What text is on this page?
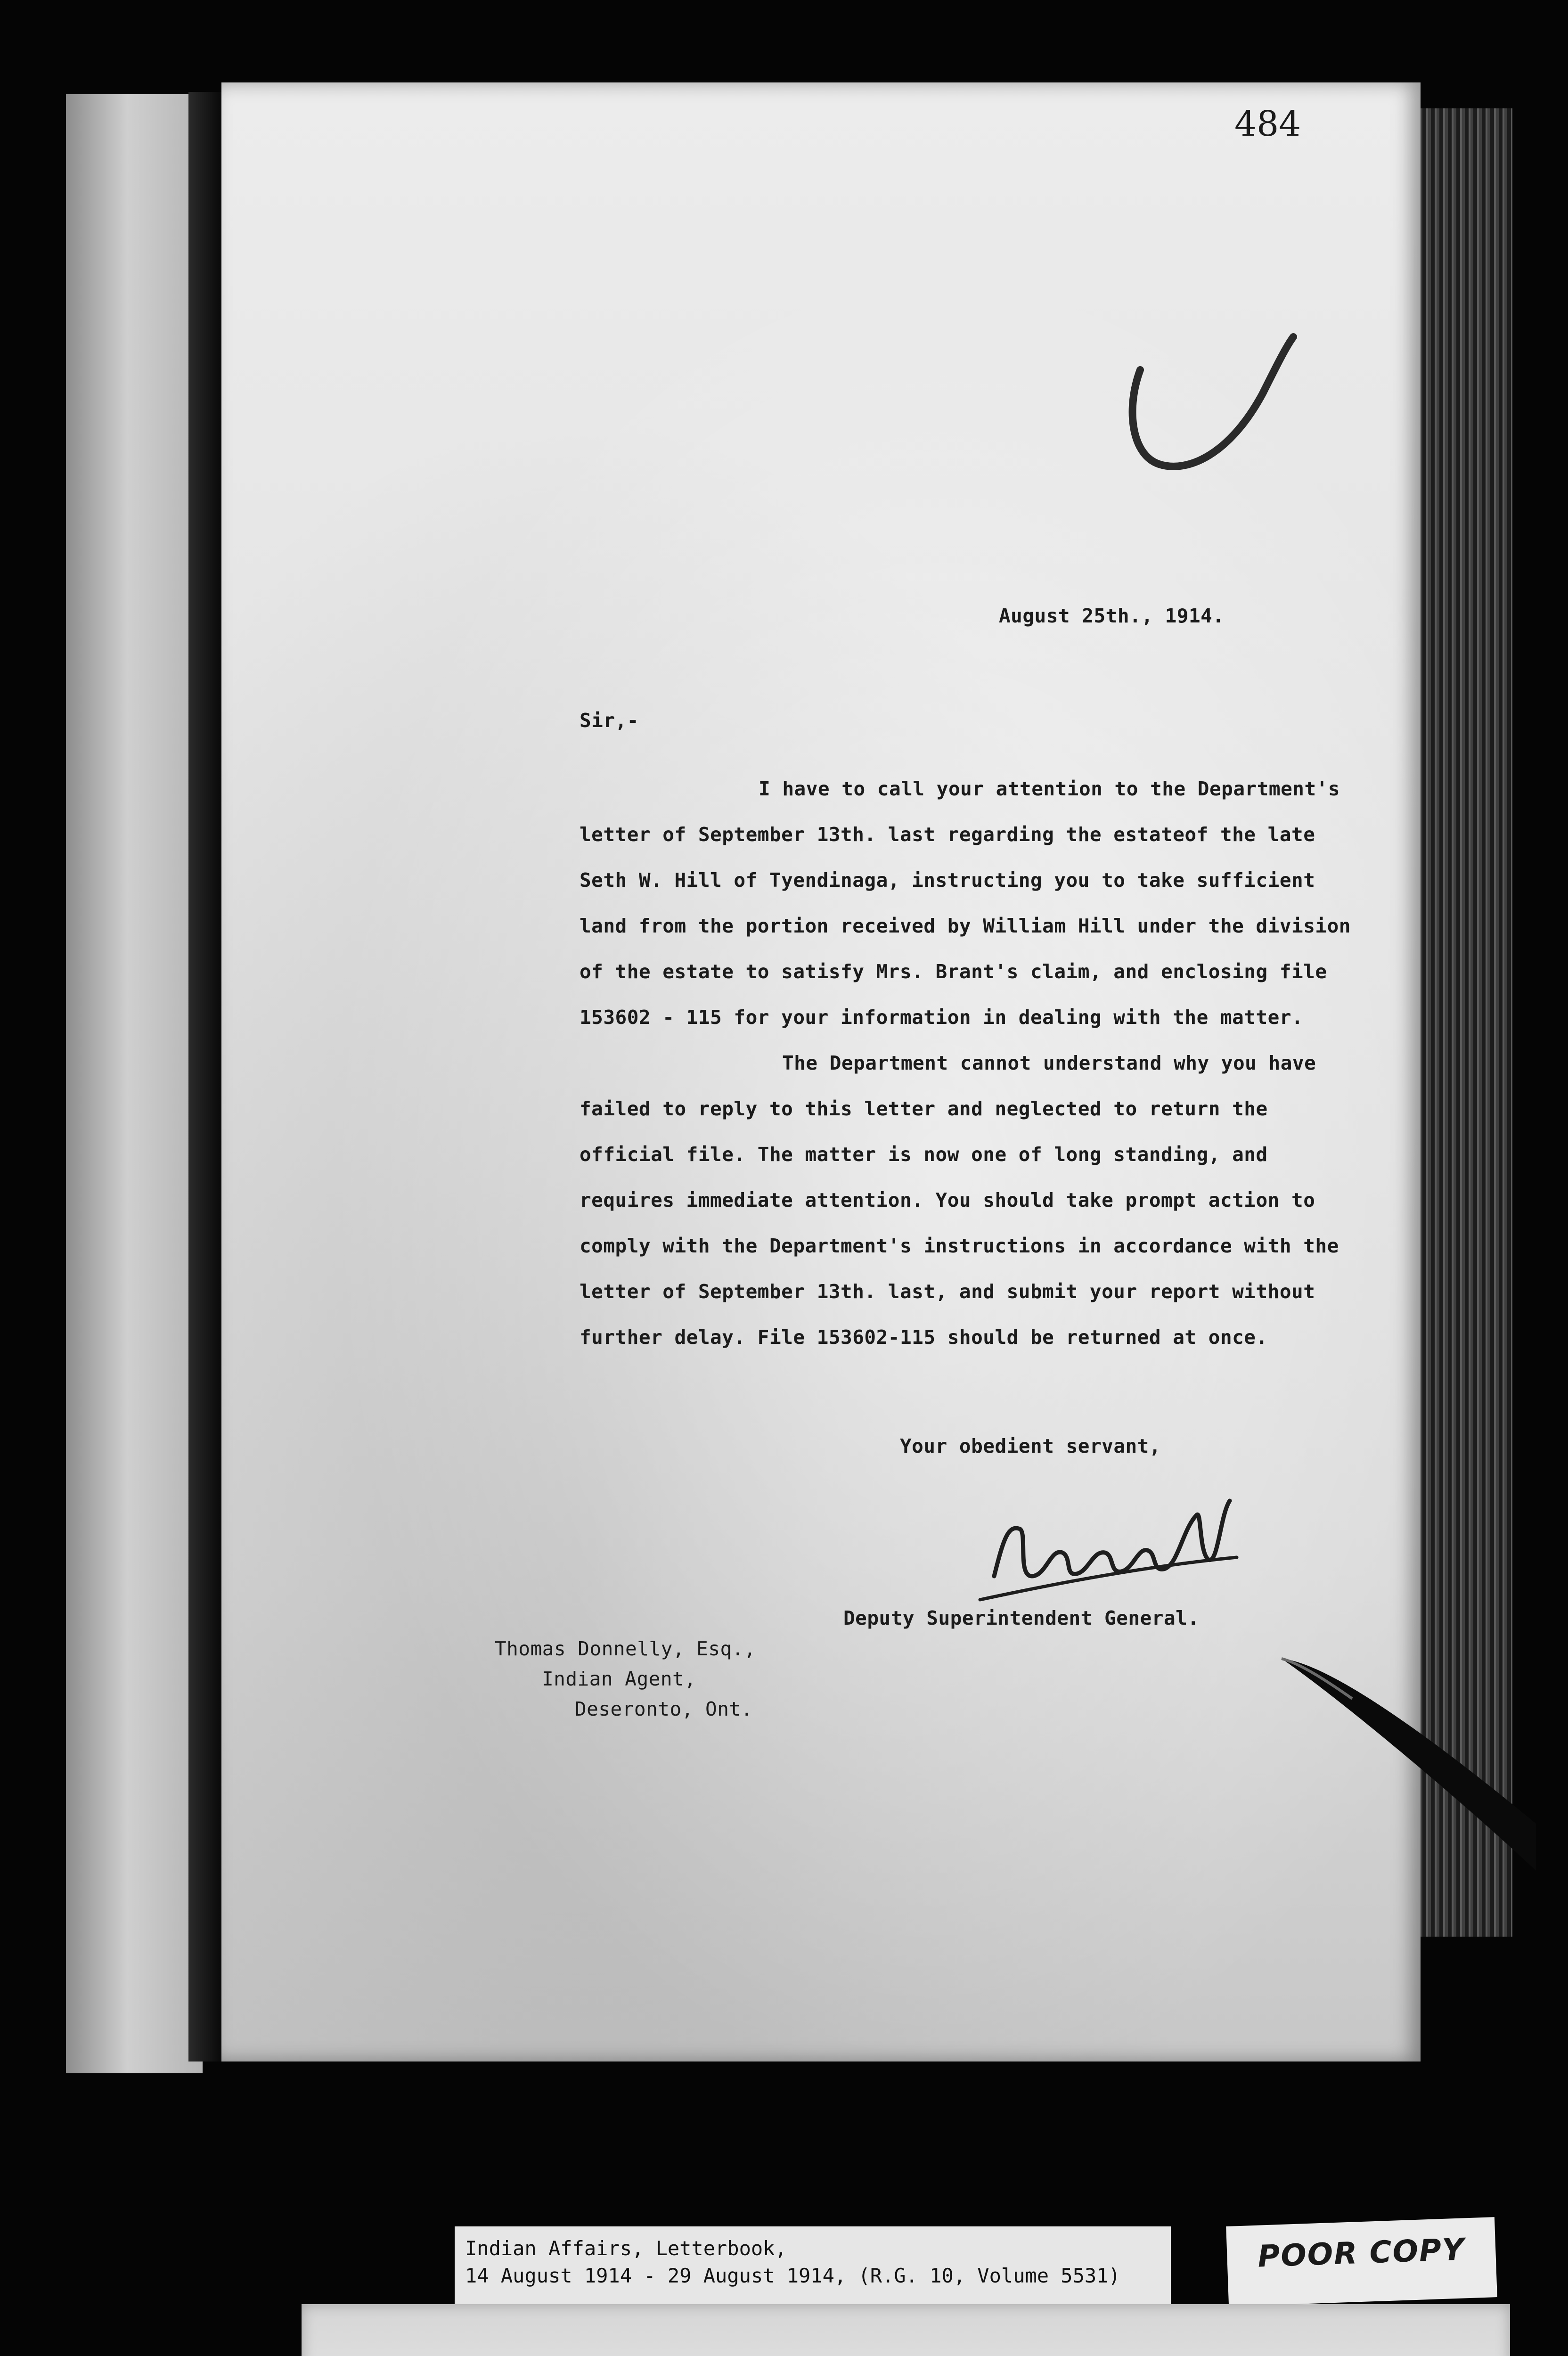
484
August 25th., 1914.
Sir,-
I have to call your attention to the Department's
letter of September 13th. last regarding the estateof the late
Seth W. Hill of Tyendinaga, instructing you to take sufficient
land from the portion received by William Hill under the division
of the estate to satisfy Mrs. Brant's claim, and enclosing file
153602 - 115 for your information in dealing with the matter.
The Department cannot understand why you have
failed to reply to this letter and neglected to return the
official file. The matter is now one of long standing, and
requires immediate attention. You should take prompt action to
comply with the Department's instructions in accordance with the
letter of September 13th. last, and submit your report without
further delay. File 153602-115 should be returned at once.
Your obedient servant,
Deputy Superintendent General.
Thomas Donnelly, Esq.,
Indian Agent,
Deseronto, Ont.
Indian Affairs, Letterbook,
14 August 1914 - 29 August 1914, (R.G. 10, Volume 5531)
POOR COPY
